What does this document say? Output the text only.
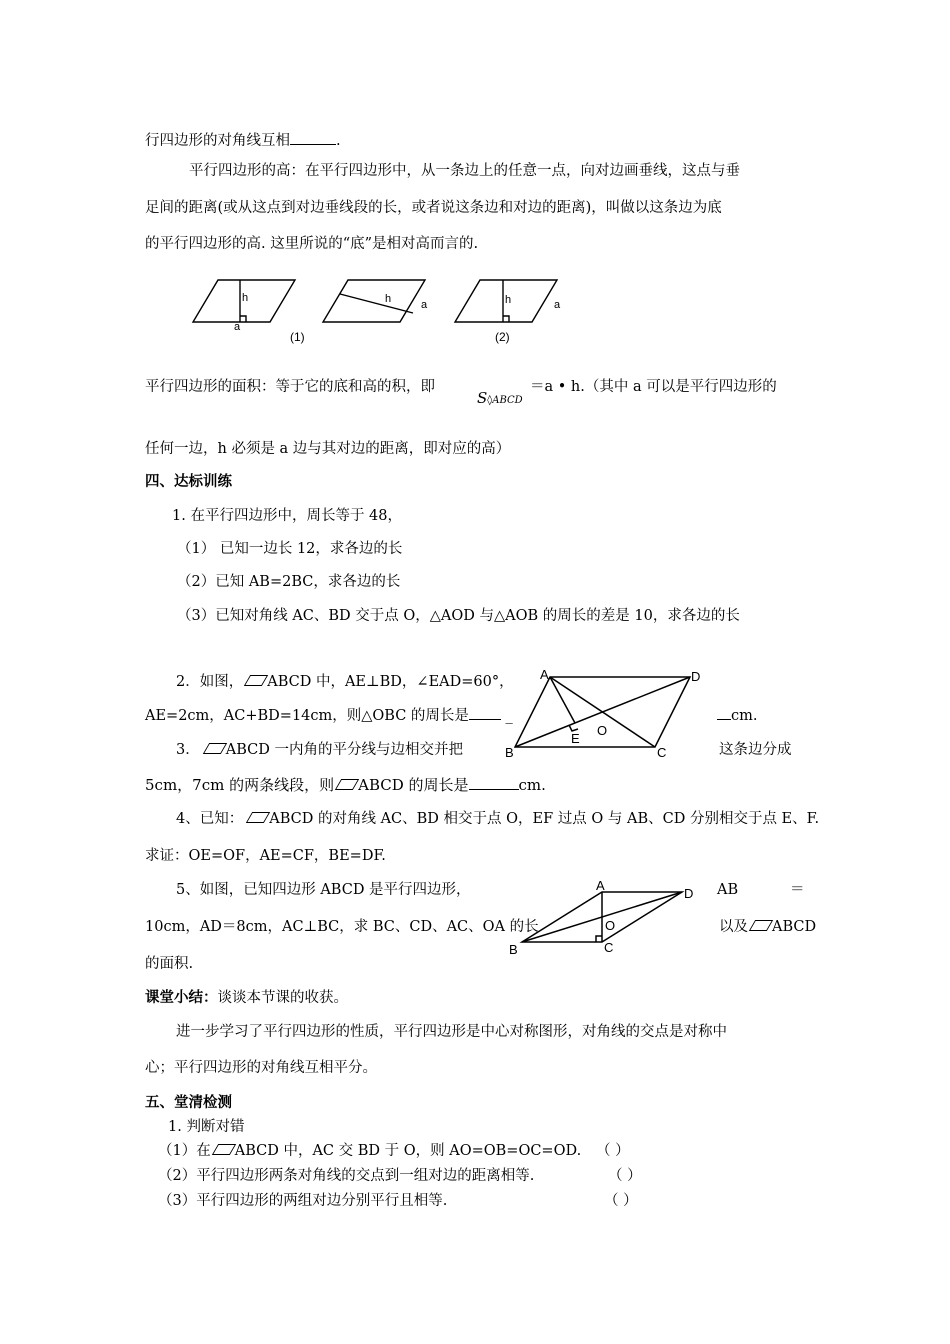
行四边形的对角线互相	.
平行四边形的高：在平行四边形中，从一条边上的任意一点，向对边画垂线，这点与垂
足间的距离(或从这点到对边垂线段的长，或者说这条边和对边的距离)，叫做以这条边为底
的平行四边形的高. 这里所说的“底”是相对高而言的.
h
a
h	a	h	a
(1)	(2)
平行四边形的面积：等于它的底和高的积，即
S◊ABCD
＝a • h.（其中 a 可以是平行四边形的
任何一边，h 必须是 a 边与其对边的距离，即对应的高）
四、达标训练
1. 在平行四边形中，周长等于 48，
（1） 已知一边长 12，求各边的长
（2）已知 AB=2BC，求各边的长
（3）已知对角线 AC、BD 交于点 O，△AOD 与△AOB 的周长的差是 10，求各边的长
2．如图， ABCD 中，AE⊥BD，∠EAD=60°，
AE=2cm，AC+BD=14cm，则△OBC 的周长是	_	cm.
A	D
B	C
E
O
3． ABCD 一内角的平分线与边相交并把	这条边分成
5cm，7cm 的两条线段，则 ABCD 的周长是	cm.
4、已知： ABCD 的对角线 AC、BD 相交于点 O，EF 过点 O 与 AB、CD 分别相交于点 E、F.
求证：OE=OF，AE=CF，BE=DF.
5、如图，已知四边形 ABCD 是平行四边形，	AB	＝
10cm，AD＝8cm，AC⊥BC，求 BC、CD、AC、OA 的长	以及 ABCD
的面积.
A
D
B	C
O
课堂小结：谈谈本节课的收获。
进一步学习了平行四边形的性质，平行四边形是中心对称图形，对角线的交点是对称中
心；平行四边形的对角线互相平分。
五、堂清检测
1. 判断对错
（1）在 ABCD 中，AC 交 BD 于 O，则 AO=OB=OC=OD. （ ）
（2）平行四边形两条对角线的交点到一组对边的距离相等.	（ ）
（3）平行四边形的两组对边分别平行且相等.	（ ）
